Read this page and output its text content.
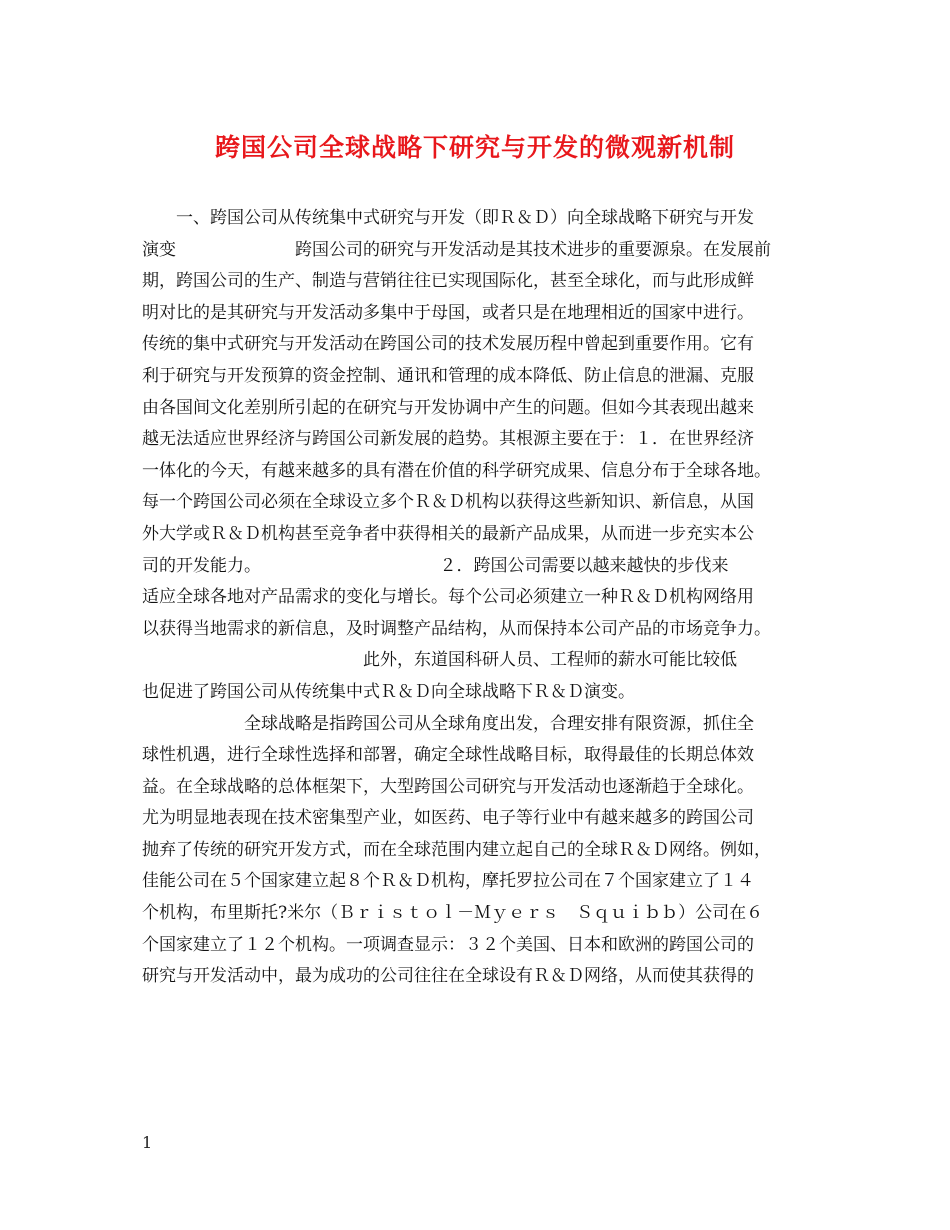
跨国公司全球战略下研究与开发的微观新机制
　　一、跨国公司从传统集中式研究与开发（即Ｒ＆Ｄ）向全球战略下研究与开发
演变　　　　　　　跨国公司的研究与开发活动是其技术进步的重要源泉。在发展前
期，跨国公司的生产、制造与营销往往已实现国际化，甚至全球化，而与此形成鲜
明对比的是其研究与开发活动多集中于母国，或者只是在地理相近的国家中进行。
传统的集中式研究与开发活动在跨国公司的技术发展历程中曾起到重要作用。它有
利于研究与开发预算的资金控制、通讯和管理的成本降低、防止信息的泄漏、克服
由各国间文化差别所引起的在研究与开发协调中产生的问题。但如今其表现出越来
越无法适应世界经济与跨国公司新发展的趋势。其根源主要在于：１．在世界经济
一体化的今天，有越来越多的具有潜在价值的科学研究成果、信息分布于全球各地。
每一个跨国公司必须在全球设立多个Ｒ＆Ｄ机构以获得这些新知识、新信息，从国
外大学或Ｒ＆Ｄ机构甚至竞争者中获得相关的最新产品成果，从而进一步充实本公
司的开发能力。　　　　　　　　　　　２．跨国公司需要以越来越快的步伐来
适应全球各地对产品需求的变化与增长。每个公司必须建立一种Ｒ＆Ｄ机构网络用
以获得当地需求的新信息，及时调整产品结构，从而保持本公司产品的市场竞争力。
　　　　　　　　　　　　　此外，东道国科研人员、工程师的薪水可能比较低
也促进了跨国公司从传统集中式Ｒ＆Ｄ向全球战略下Ｒ＆Ｄ演变。
　　　　　　全球战略是指跨国公司从全球角度出发，合理安排有限资源，抓住全
球性机遇，进行全球性选择和部署，确定全球性战略目标，取得最佳的长期总体效
益。在全球战略的总体框架下，大型跨国公司研究与开发活动也逐渐趋于全球化。
尤为明显地表现在技术密集型产业，如医药、电子等行业中有越来越多的跨国公司
抛弃了传统的研究开发方式，而在全球范围内建立起自己的全球Ｒ＆Ｄ网络。例如，
佳能公司在５个国家建立起８个Ｒ＆Ｄ机构，摩托罗拉公司在７个国家建立了１４
个机构，布里斯托?米尔（Ｂｒｉｓｔｏｌ－Ｍｙｅｒｓ　Ｓｑｕｉｂｂ）公司在６
个国家建立了１２个机构。一项调查显示：３２个美国、日本和欧洲的跨国公司的
研究与开发活动中，最为成功的公司往往在全球设有Ｒ＆Ｄ网络，从而使其获得的
1
